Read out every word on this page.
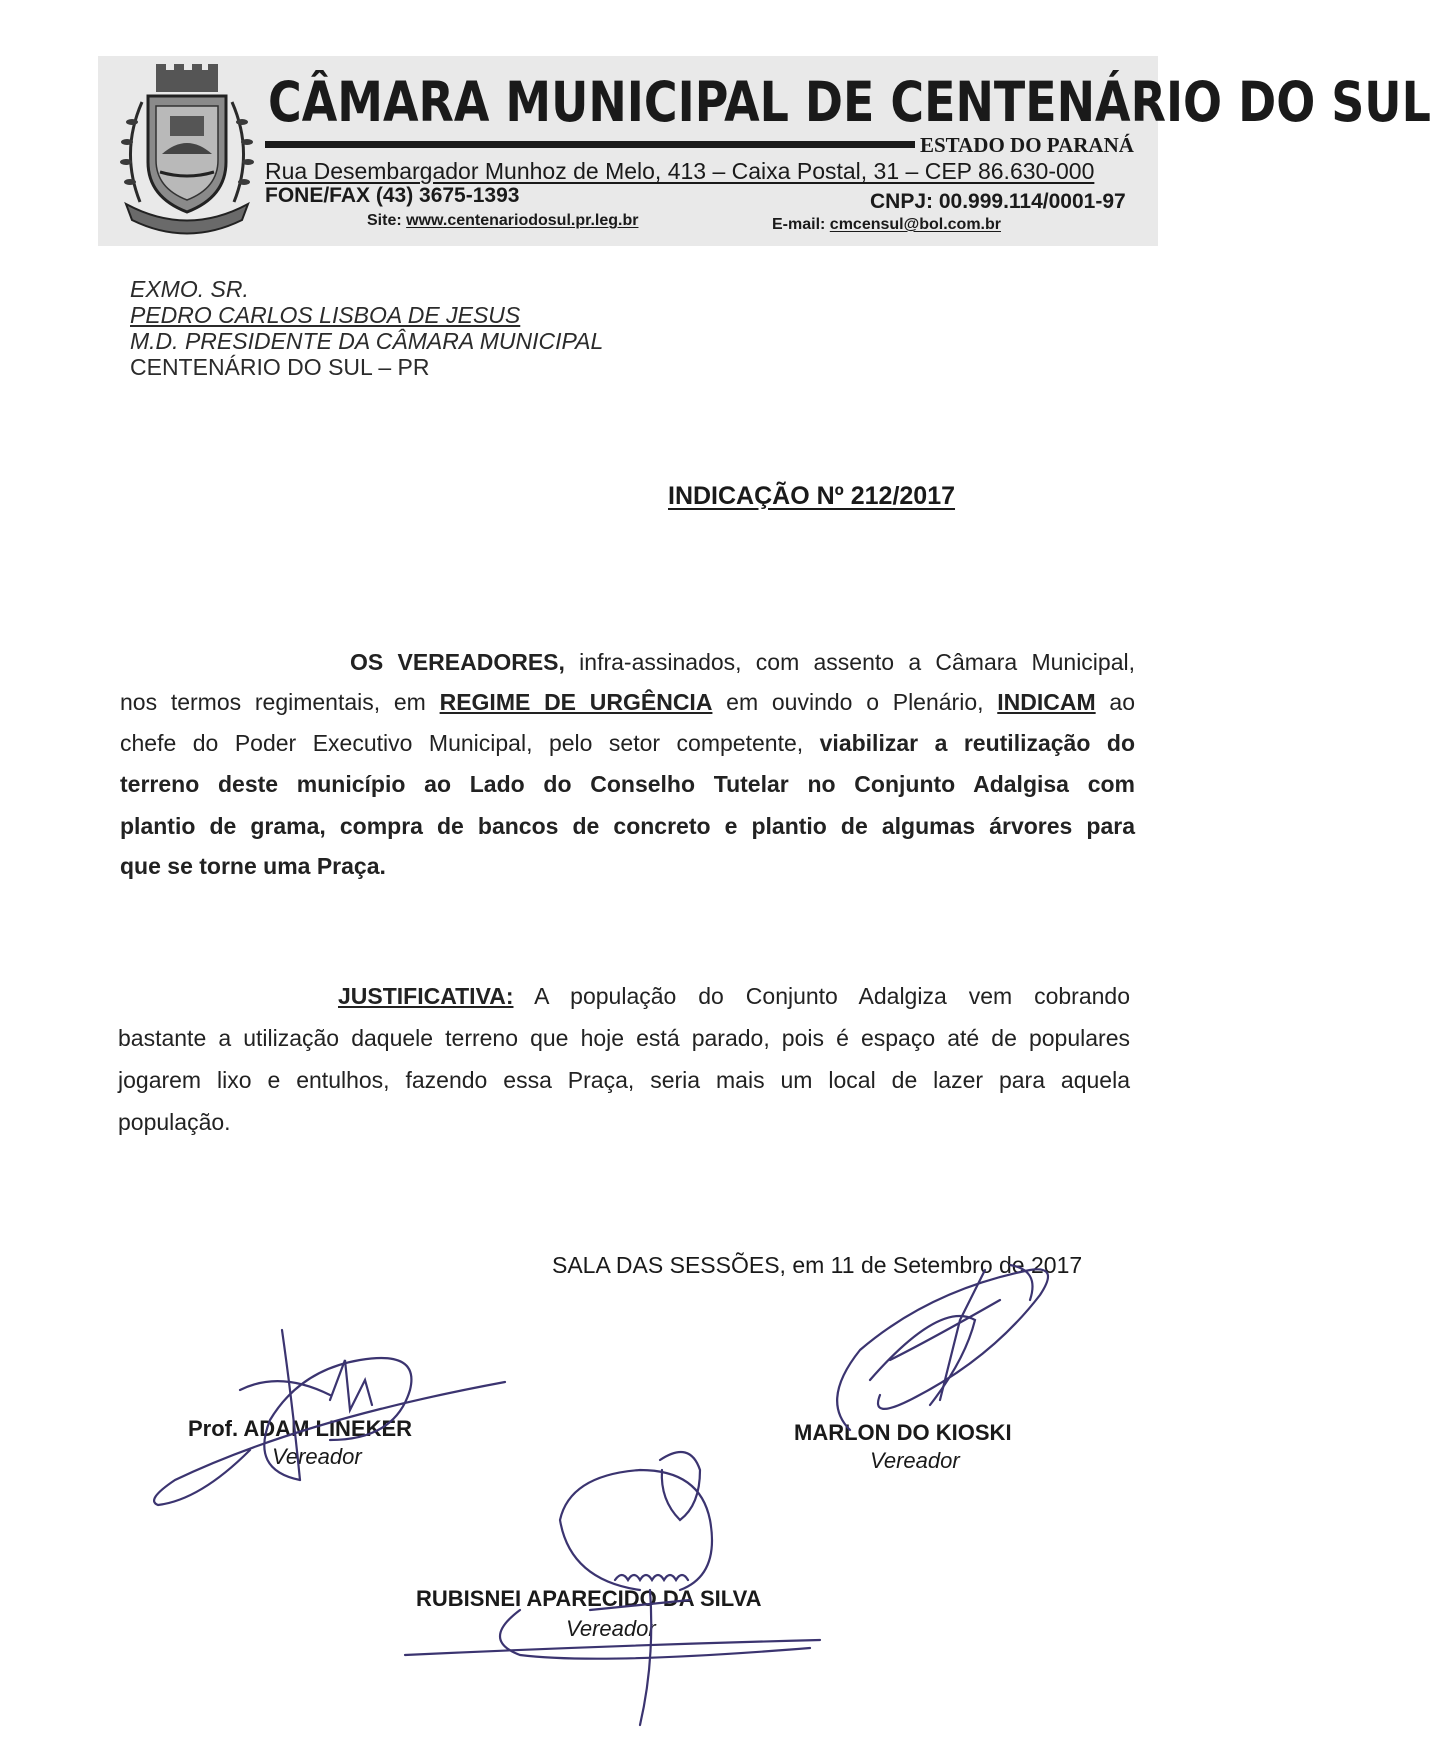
CÂMARA MUNICIPAL DE CENTENÁRIO DO SUL
ESTADO DO PARANÁ
Rua Desembargador Munhoz de Melo, 413 – Caixa Postal, 31 – CEP 86.630-000
FONE/FAX (43) 3675-1393	CNPJ: 00.999.114/0001-97
Site: www.centenariodosul.pr.leg.br	E-mail: cmcensul@bol.com.br
EXMO. SR.
PEDRO CARLOS LISBOA DE JESUS
M.D. PRESIDENTE DA CÂMARA MUNICIPAL
CENTENÁRIO DO SUL – PR
INDICAÇÃO Nº 212/2017
OS VEREADORES, infra-assinados, com assento a Câmara Municipal,
nos termos regimentais, em REGIME DE URGÊNCIA em ouvindo o Plenário, INDICAM ao
chefe do Poder Executivo Municipal, pelo setor competente, viabilizar a reutilização do
terreno deste município ao Lado do Conselho Tutelar no Conjunto Adalgisa com
plantio de grama, compra de bancos de concreto e plantio de algumas árvores para
que se torne uma Praça.
JUSTIFICATIVA: A população do Conjunto Adalgiza vem cobrando
bastante a utilização daquele terreno que hoje está parado, pois é espaço até de populares
jogarem lixo e entulhos, fazendo essa Praça, seria mais um local de lazer para aquela
população.
SALA DAS SESSÕES, em 11 de Setembro de 2017
Prof. ADAM LINEKER
Vereador
MARLON DO KIOSKI
Vereador
RUBISNEI APARECIDO DA SILVA
Vereador
